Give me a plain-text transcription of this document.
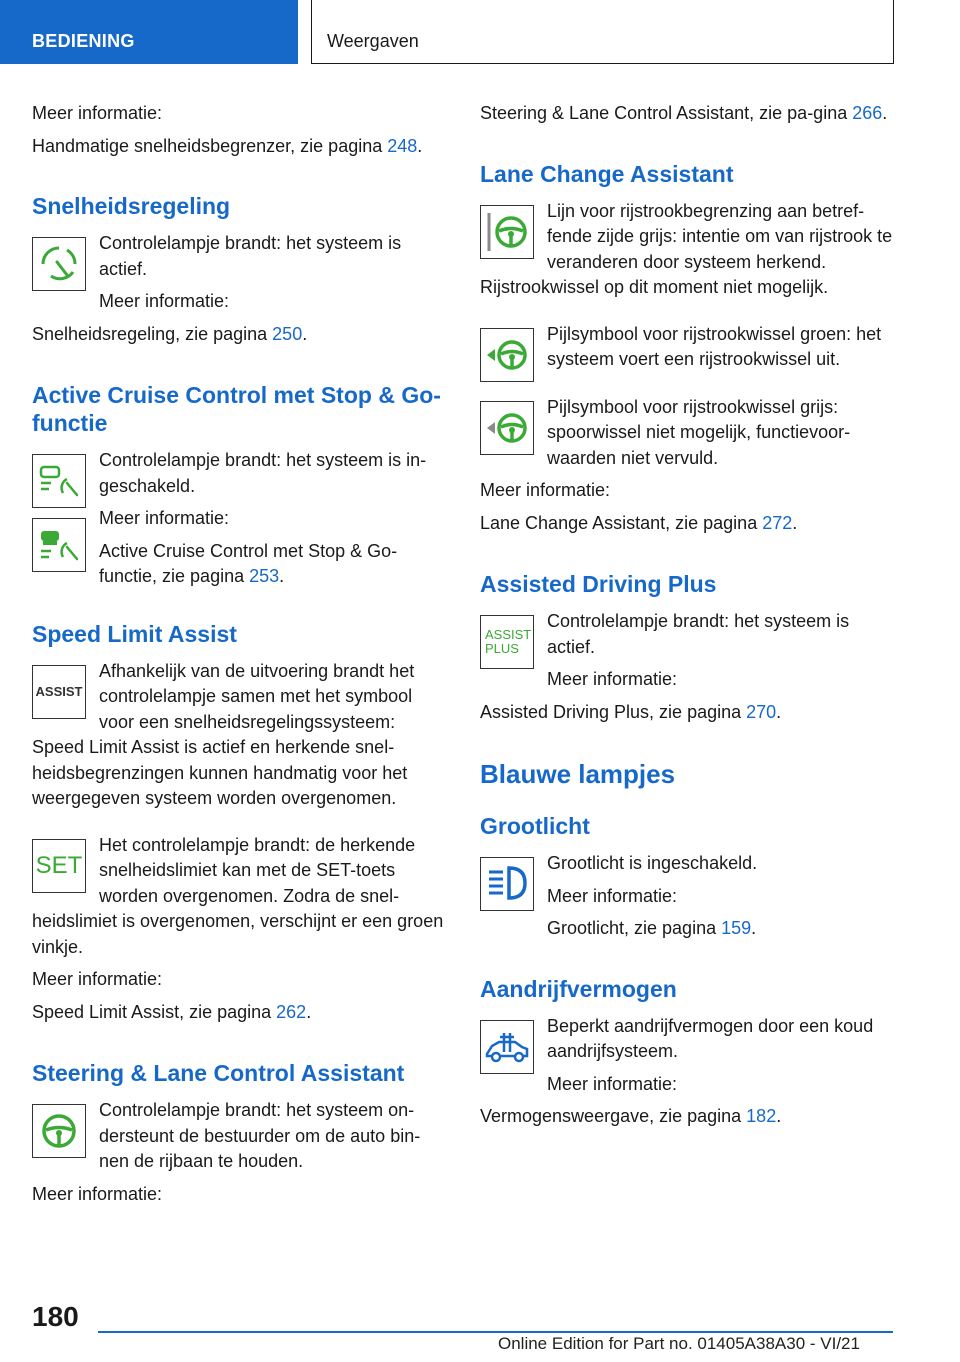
BEDIENING	Weergaven

Meer informatie:

Handmatige snelheidsbegrenzer, zie pagina 248.

Snelheidsregeling

Controlelampje brandt: het systeem is actief.

Meer informatie:

Snelheidsregeling, zie pagina 250.

Active Cruise Control met Stop & Go-functie

Controlelampje brandt: het systeem is in-geschakeld.

Meer informatie:

Active Cruise Control met Stop & Go-functie, zie pagina 253.

Speed Limit Assist
ASSIST

Afhankelijk van de uitvoering brandt het controlelampje samen met het symbool voor een snelheidsregelingssysteem:

Speed Limit Assist is actief en herkende snel-heidsbegrenzingen kunnen handmatig voor het weergegeven systeem worden overgenomen.

SET

Het controlelampje brandt: de herkende snelheidslimiet kan met de SET-toets worden overgenomen. Zodra de snel-

heidslimiet is overgenomen, verschijnt er een groen vinkje.

Meer informatie:

Speed Limit Assist, zie pagina 262.

Steering & Lane Control Assistant

Controlelampje brandt: het systeem on-dersteunt de bestuurder om de auto bin-nen de rijbaan te houden.

Meer informatie:

Steering & Lane Control Assistant, zie pa-gina 266.

Lane Change Assistant

Lijn voor rijstrookbegrenzing aan betref-fende zijde grijs: intentie om van rijstrook te veranderen door systeem herkend.

Rijstrookwissel op dit moment niet mogelijk.

Pijlsymbool voor rijstrookwissel groen: het systeem voert een rijstrookwissel uit.

Pijlsymbool voor rijstrookwissel grijs: spoorwissel niet mogelijk, functievoor-waarden niet vervuld.

Meer informatie:

Lane Change Assistant, zie pagina 272.

Assisted Driving Plus
ASSIST
PLUS

Controlelampje brandt: het systeem is actief.

Meer informatie:

Assisted Driving Plus, zie pagina 270.

Blauwe lampjes
Grootlicht

Grootlicht is ingeschakeld.

Meer informatie:

Grootlicht, zie pagina 159.

Aandrijfvermogen

Beperkt aandrijfvermogen door een koud aandrijfsysteem.

Meer informatie:

Vermogensweergave, zie pagina 182.

180
Online Edition for Part no. 01405A38A30 - VI/21
